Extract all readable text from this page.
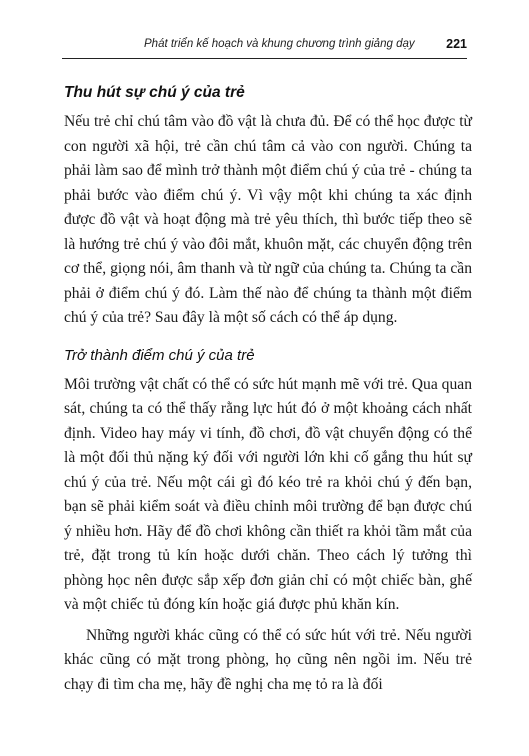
Phát triển kế hoạch và khung chương trình giảng dạy	221
Thu hút sự chú ý của trẻ

Nếu trẻ chỉ chú tâm vào đồ vật là chưa đủ. Để có thể học được từ con người xã hội, trẻ cần chú tâm cả vào con người. Chúng ta phải làm sao để mình trở thành một điểm chú ý của trẻ - chúng ta phải bước vào điểm chú ý. Vì vậy một khi chúng ta xác định được đồ vật và hoạt động mà trẻ yêu thích, thì bước tiếp theo sẽ là hướng trẻ chú ý vào đôi mắt, khuôn mặt, các chuyển động trên cơ thể, giọng nói, âm thanh và từ ngữ của chúng ta. Chúng ta cần phải ở điểm chú ý đó. Làm thế nào để chúng ta thành một điểm chú ý của trẻ? Sau đây là một số cách có thể áp dụng.

Trở thành điểm chú ý của trẻ

Môi trường vật chất có thể có sức hút mạnh mẽ với trẻ. Qua quan sát, chúng ta có thể thấy rằng lực hút đó ở một khoảng cách nhất định. Video hay máy vi tính, đồ chơi, đồ vật chuyển động có thể là một đối thủ nặng ký đối với người lớn khi cố gắng thu hút sự chú ý của trẻ. Nếu một cái gì đó kéo trẻ ra khỏi chú ý đến bạn, bạn sẽ phải kiểm soát và điều chỉnh môi trường để bạn được chú ý nhiều hơn. Hãy để đồ chơi không cần thiết ra khỏi tầm mắt của trẻ, đặt trong tủ kín hoặc dưới chăn. Theo cách lý tưởng thì phòng học nên được sắp xếp đơn giản chỉ có một chiếc bàn, ghế và một chiếc tủ đóng kín hoặc giá được phủ khăn kín.

Những người khác cũng có thể có sức hút với trẻ. Nếu người khác cũng có mặt trong phòng, họ cũng nên ngồi im. Nếu trẻ chạy đi tìm cha mẹ, hãy đề nghị cha mẹ tỏ ra là đối
